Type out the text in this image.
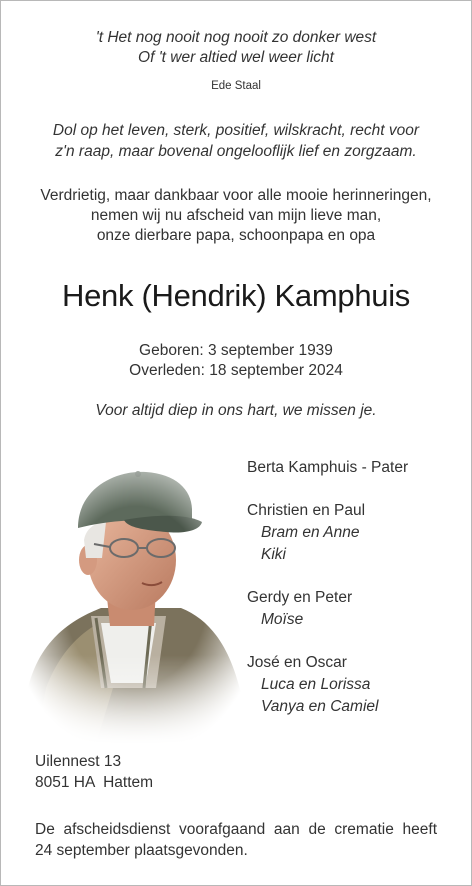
't Het nog nooit nog nooit zo donker west
Of 't wer altied wel weer licht
Ede Staal
Dol op het leven, sterk, positief, wilskracht, recht voor
z'n raap, maar bovenal ongelooflijk lief en zorgzaam.
Verdrietig, maar dankbaar voor alle mooie herinneringen,
nemen wij nu afscheid van mijn lieve man,
onze dierbare papa, schoonpapa en opa
Henk (Hendrik) Kamphuis
Geboren: 3 september 1939
Overleden: 18 september 2024
Voor altijd diep in ons hart, we missen je.
Berta Kamphuis - Pater
Christien en Paul
Bram en Anne
Kiki
Gerdy en Peter
Moïse
José en Oscar
Luca en Lorissa
Vanya en Camiel
Uilennest 13
8051 HA  Hattem
De afscheidsdienst voorafgaand aan de crematie heeft
24 september plaatsgevonden.
